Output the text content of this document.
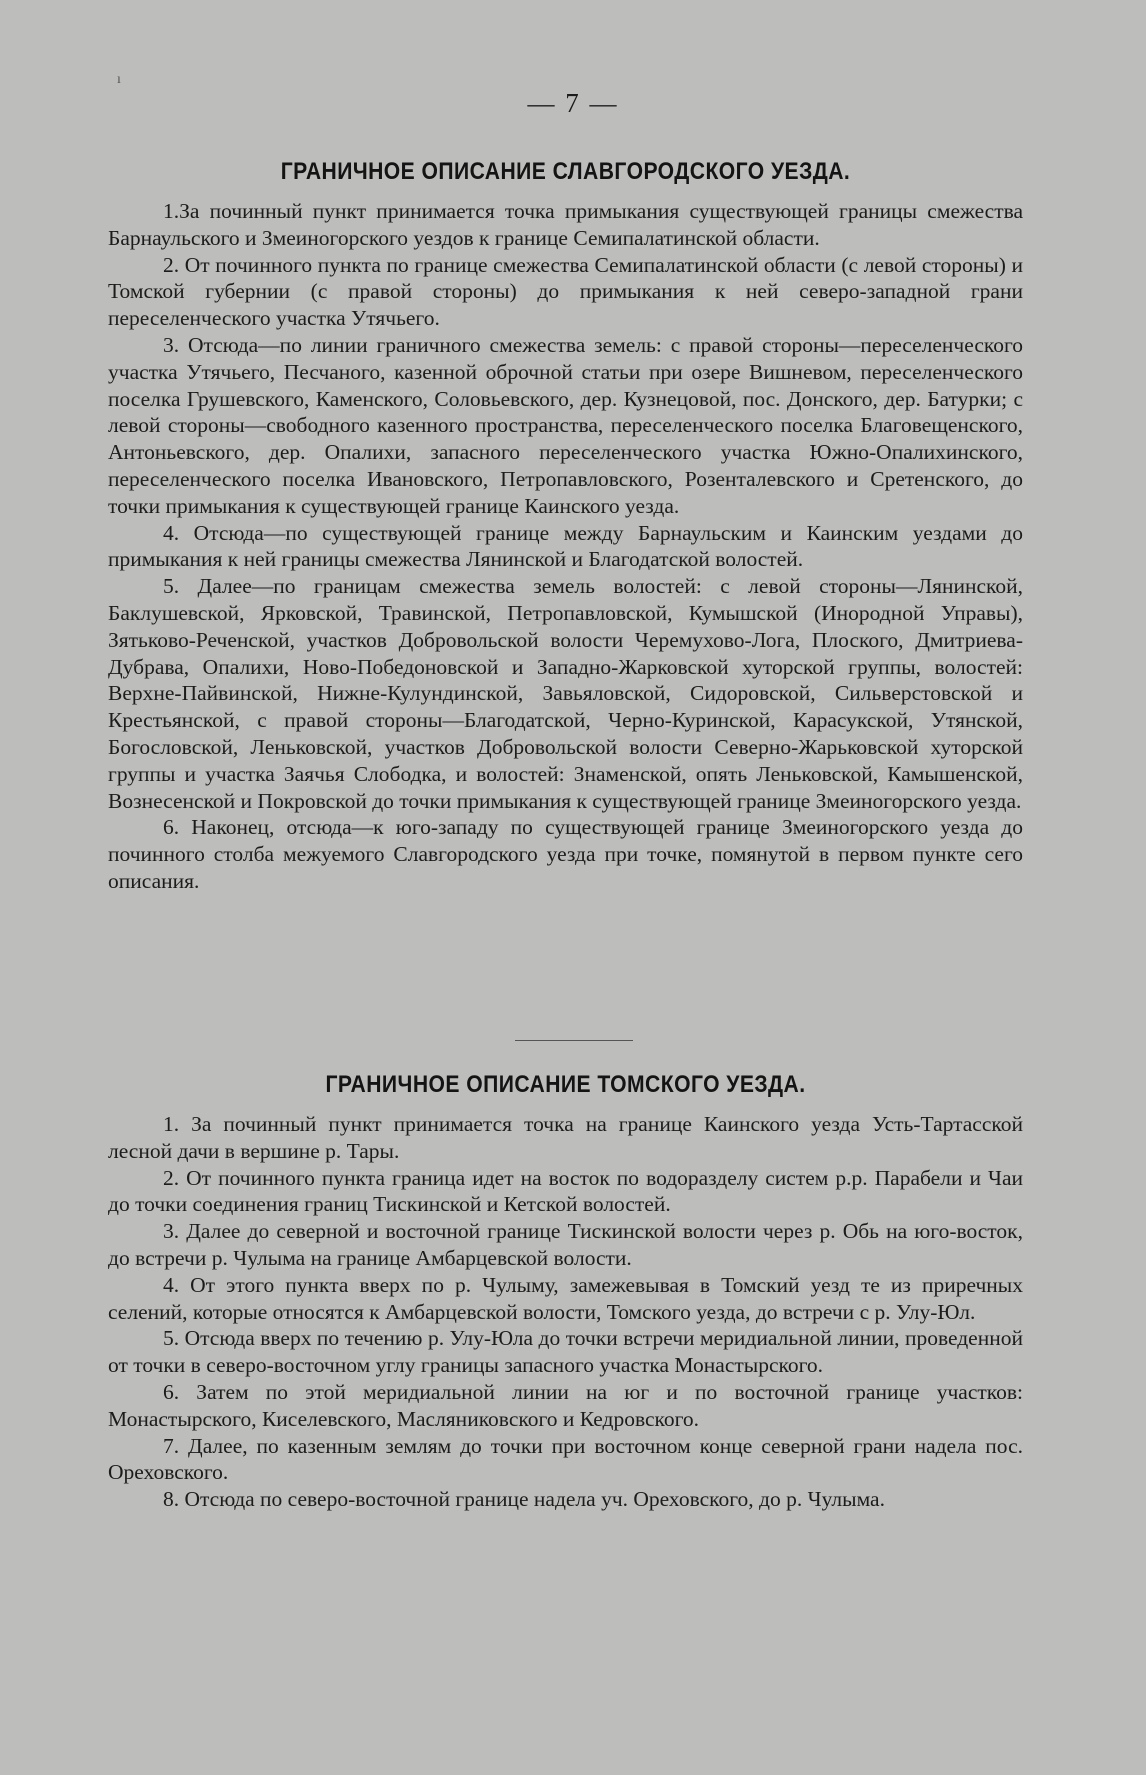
ı
— 7 —
ГРАНИЧНОЕ ОПИСАНИЕ СЛАВГОРОДСКОГО УЕЗДА.

1.За починный пункт принимается точка примыкания существующей границы смежества Барнаульского и Змеиногорского уездов к границе Семипалатинской области.

2. От починного пункта по границе смежества Семипалатинской области (с левой стороны) и Томской губернии (с правой стороны) до примыкания к ней северо-западной грани переселенческого участка Утячьего.

3. Отсюда—по линии граничного смежества земель: с правой стороны—переселенческого участка Утячьего, Песчаного, казенной оброчной статьи при озере Вишневом, переселенческого поселка Грушевского, Каменского, Соловьевского, дер. Кузнецовой, пос. Донского, дер. Батурки; с левой стороны—свободного казенного пространства, переселенческого поселка Благовещенского, Антоньевского, дер. Опалихи, запасного переселенческого участка Южно-Опалихинского, переселенческого поселка Ивановского, Петропавловского, Розенталевского и Сретенского, до точки примыкания к существующей границе Каинского уезда.

4. Отсюда—по существующей границе между Барнаульским и Каинским уездами до примыкания к ней границы смежества Лянинской и Благодатской волостей.

5. Далее—по границам смежества земель волостей: с левой стороны—Лянинской, Баклушевской, Ярковской, Травинской, Петропавловской, Кумышской (Инородной Управы), Зятьково-Реченской, участков Добровольской волости Черемухово-Лога, Плоского, Дмитриева-Дубрава, Опалихи, Ново-Победоновской и Западно-Жарковской хуторской группы, волостей: Верхне-Пайвинской, Нижне-Кулундинской, Завьяловской, Сидоровской, Сильверстовской и Крестьянской, с правой стороны—Благодатской, Черно-Куринской, Карасукской, Утянской, Богословской, Леньковской, участков Добровольской волости Северно-Жарьковской хуторской группы и участка Заячья Слободка, и волостей: Знаменской, опять Леньковской, Камышенской, Вознесенской и Покровской до точки примыкания к существующей границе Змеиногорского уезда.

6. Наконец, отсюда—к юго-западу по существующей границе Змеиногорского уезда до починного столба межуемого Славгородского уезда при точке, помянутой в первом пункте сего описания.

ГРАНИЧНОЕ ОПИСАНИЕ ТОМСКОГО УЕЗДА.

1. За починный пункт принимается точка на границе Каинского уезда Усть-Тартасской лесной дачи в вершине р. Тары.

2. От починного пункта граница идет на восток по водоразделу систем р.р. Парабели и Чаи до точки соединения границ Тискинской и Кетской волостей.

3. Далее до северной и восточной границе Тискинской волости через р. Обь на юго-восток, до встречи р. Чулыма на границе Амбарцевской волости.

4. От этого пункта вверх по р. Чулыму, замежевывая в Томский уезд те из приречных селений, которые относятся к Амбарцевской волости, Томского уезда, до встречи с р. Улу-Юл.

5. Отсюда вверх по течению р. Улу-Юла до точки встречи меридиальной линии, проведенной от точки в северо-восточном углу границы запасного участка Монастырского.

6. Затем по этой меридиальной линии на юг и по восточной границе участков: Монастырского, Киселевского, Масляниковского и Кедровского.

7. Далее, по казенным землям до точки при восточном конце северной грани надела пос. Ореховского.

8. Отсюда по северо-восточной границе надела уч. Ореховского, до р. Чулыма.
